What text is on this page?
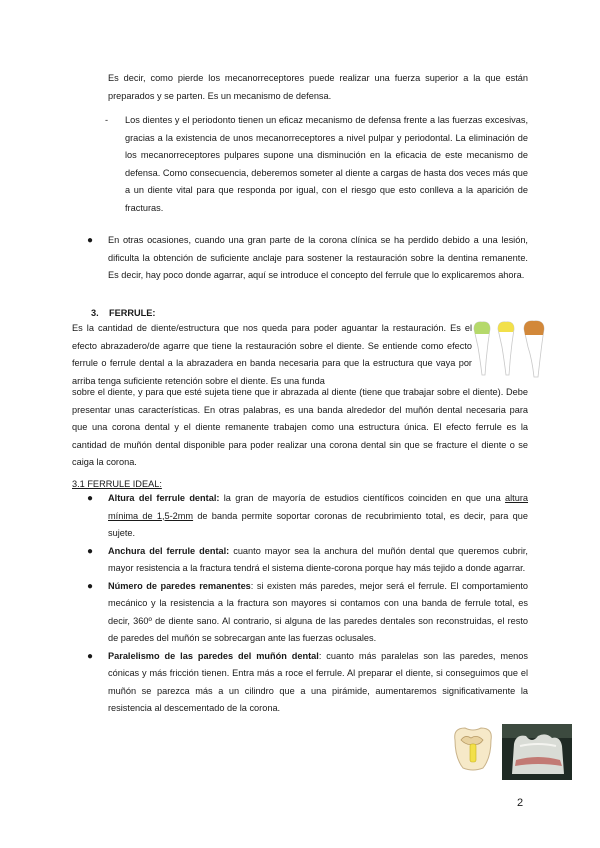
Es decir, como pierde los mecanorreceptores puede realizar una fuerza superior a la que están preparados y se parten. Es un mecanismo de defensa.

- Los dientes y el periodonto tienen un eficaz mecanismo de defensa frente a las fuerzas excesivas, gracias a la existencia de unos mecanorreceptores a nivel pulpar y periodontal. La eliminación de los mecanorreceptores pulpares supone una disminución en la eficacia de este mecanismo de defensa. Como consecuencia, deberemos someter al diente a cargas de hasta dos veces más que a un diente vital para que responda por igual, con el riesgo que esto conlleva a la aparición de fracturas.

● En otras ocasiones, cuando una gran parte de la corona clínica se ha perdido debido a una lesión, dificulta la obtención de suficiente anclaje para sostener la restauración sobre la dentina remanente. Es decir, hay poco donde agarrar, aquí se introduce el concepto del ferrule que lo explicaremos ahora.

3. FERRULE:

Es la cantidad de diente/estructura que nos queda para poder aguantar la restauración. Es el efecto abrazadero/de agarre que tiene la restauración sobre el diente. Se entiende como efecto ferrule o ferrule dental a la abrazadera en banda necesaria para que la estructura que vaya por arriba tenga suficiente retención sobre el diente. Es una funda

sobre el diente, y para que esté sujeta tiene que ir abrazada al diente (tiene que trabajar sobre el diente). Debe presentar unas características. En otras palabras, es una banda alrededor del muñón dental necesaria para que una corona dental y el diente remanente trabajen como una estructura única. El efecto ferrule es la cantidad de muñón dental disponible para poder realizar una corona dental sin que se fracture el diente o se caiga la corona.

3.1 FERRULE IDEAL:
● Altura del ferrule dental: la gran de mayoría de estudios científicos coinciden en que una altura mínima de 1,5-2mm de banda permite soportar coronas de recubrimiento total, es decir, para que sujete.

● Anchura del ferrule dental: cuanto mayor sea la anchura del muñón dental que queremos cubrir, mayor resistencia a la fractura tendrá el sistema diente-corona porque hay más tejido a donde agarrar.

● Número de paredes remanentes: si existen más paredes, mejor será el ferrule. El comportamiento mecánico y la resistencia a la fractura son mayores si contamos con una banda de ferrule total, es decir, 360º de diente sano. Al contrario, si alguna de las paredes dentales son reconstruidas, el resto de paredes del muñón se sobrecargan ante las fuerzas oclusales.

● Paralelismo de las paredes del muñón dental: cuanto más paralelas son las paredes, menos cónicas y más fricción tienen. Entra más a roce el ferrule. Al preparar el diente, si conseguimos que el muñón se parezca más a un cilindro que a una pirámide, aumentaremos significativamente la resistencia al descementado de la corona.

2
